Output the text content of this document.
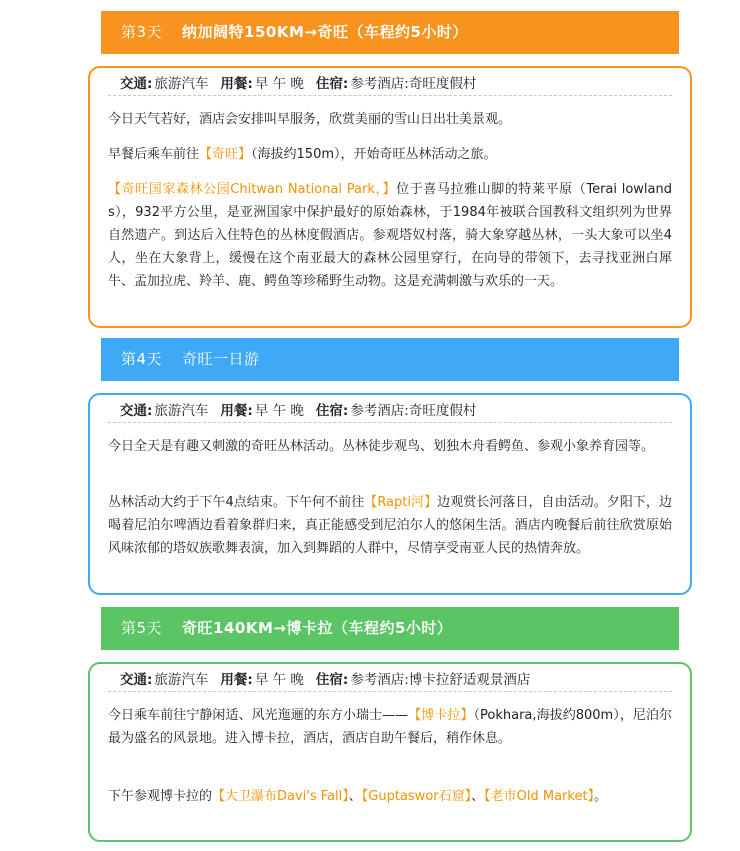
第3天 纳加阔特150KM→奇旺（车程约5小时）
交通: 旅游汽车 用餐: 早 午 晚 住宿: 参考酒店:奇旺度假村
今日天气若好，酒店会安排叫早服务，欣赏美丽的雪山日出壮美景观。
早餐后乘车前往【奇旺】（海拔约150m），开始奇旺丛林活动之旅。
【奇旺国家森林公园Chitwan National Park，】位于喜马拉雅山脚的特莱平原（Terai lowlands），932平方公里，是亚洲国家中保护最好的原始森林，于1984年被联合国教科文组织列为世界自然遗产。到达后入住特色的丛林度假酒店。参观塔奴村落，骑大象穿越丛林，一头大象可以坐4人，坐在大象背上，缓慢在这个南亚最大的森林公园里穿行，在向导的带领下，去寻找亚洲白犀牛、孟加拉虎、羚羊、鹿、鳄鱼等珍稀野生动物。这是充满刺激与欢乐的一天。
第4天 奇旺一日游
交通: 旅游汽车 用餐: 早 午 晚 住宿: 参考酒店:奇旺度假村
今日全天是有趣又刺激的奇旺丛林活动。丛林徒步观鸟、划独木舟看鳄鱼、参观小象养育园等。
丛林活动大约于下午4点结束。下午何不前往【Rapti河】边观赏长河落日，自由活动。夕阳下，边喝着尼泊尔啤酒边看着象群归来，真正能感受到尼泊尔人的悠闲生活。酒店内晚餐后前往欣赏原始风味浓郁的塔奴族歌舞表演，加入到舞蹈的人群中，尽情享受南亚人民的热情奔放。
第5天 奇旺140KM→博卡拉（车程约5小时）
交通: 旅游汽车 用餐: 早 午 晚 住宿: 参考酒店:博卡拉舒适观景酒店
今日乘车前往宁静闲适、风光迤逦的东方小瑞士——【博卡拉】（Pokhara,海拔约800m），尼泊尔最为盛名的风景地。进入博卡拉，酒店，酒店自助午餐后，稍作休息。
下午参观博卡拉的【大卫瀑布Davi's Fall】、【Guptaswor石窟】、【老市Old Market】。
